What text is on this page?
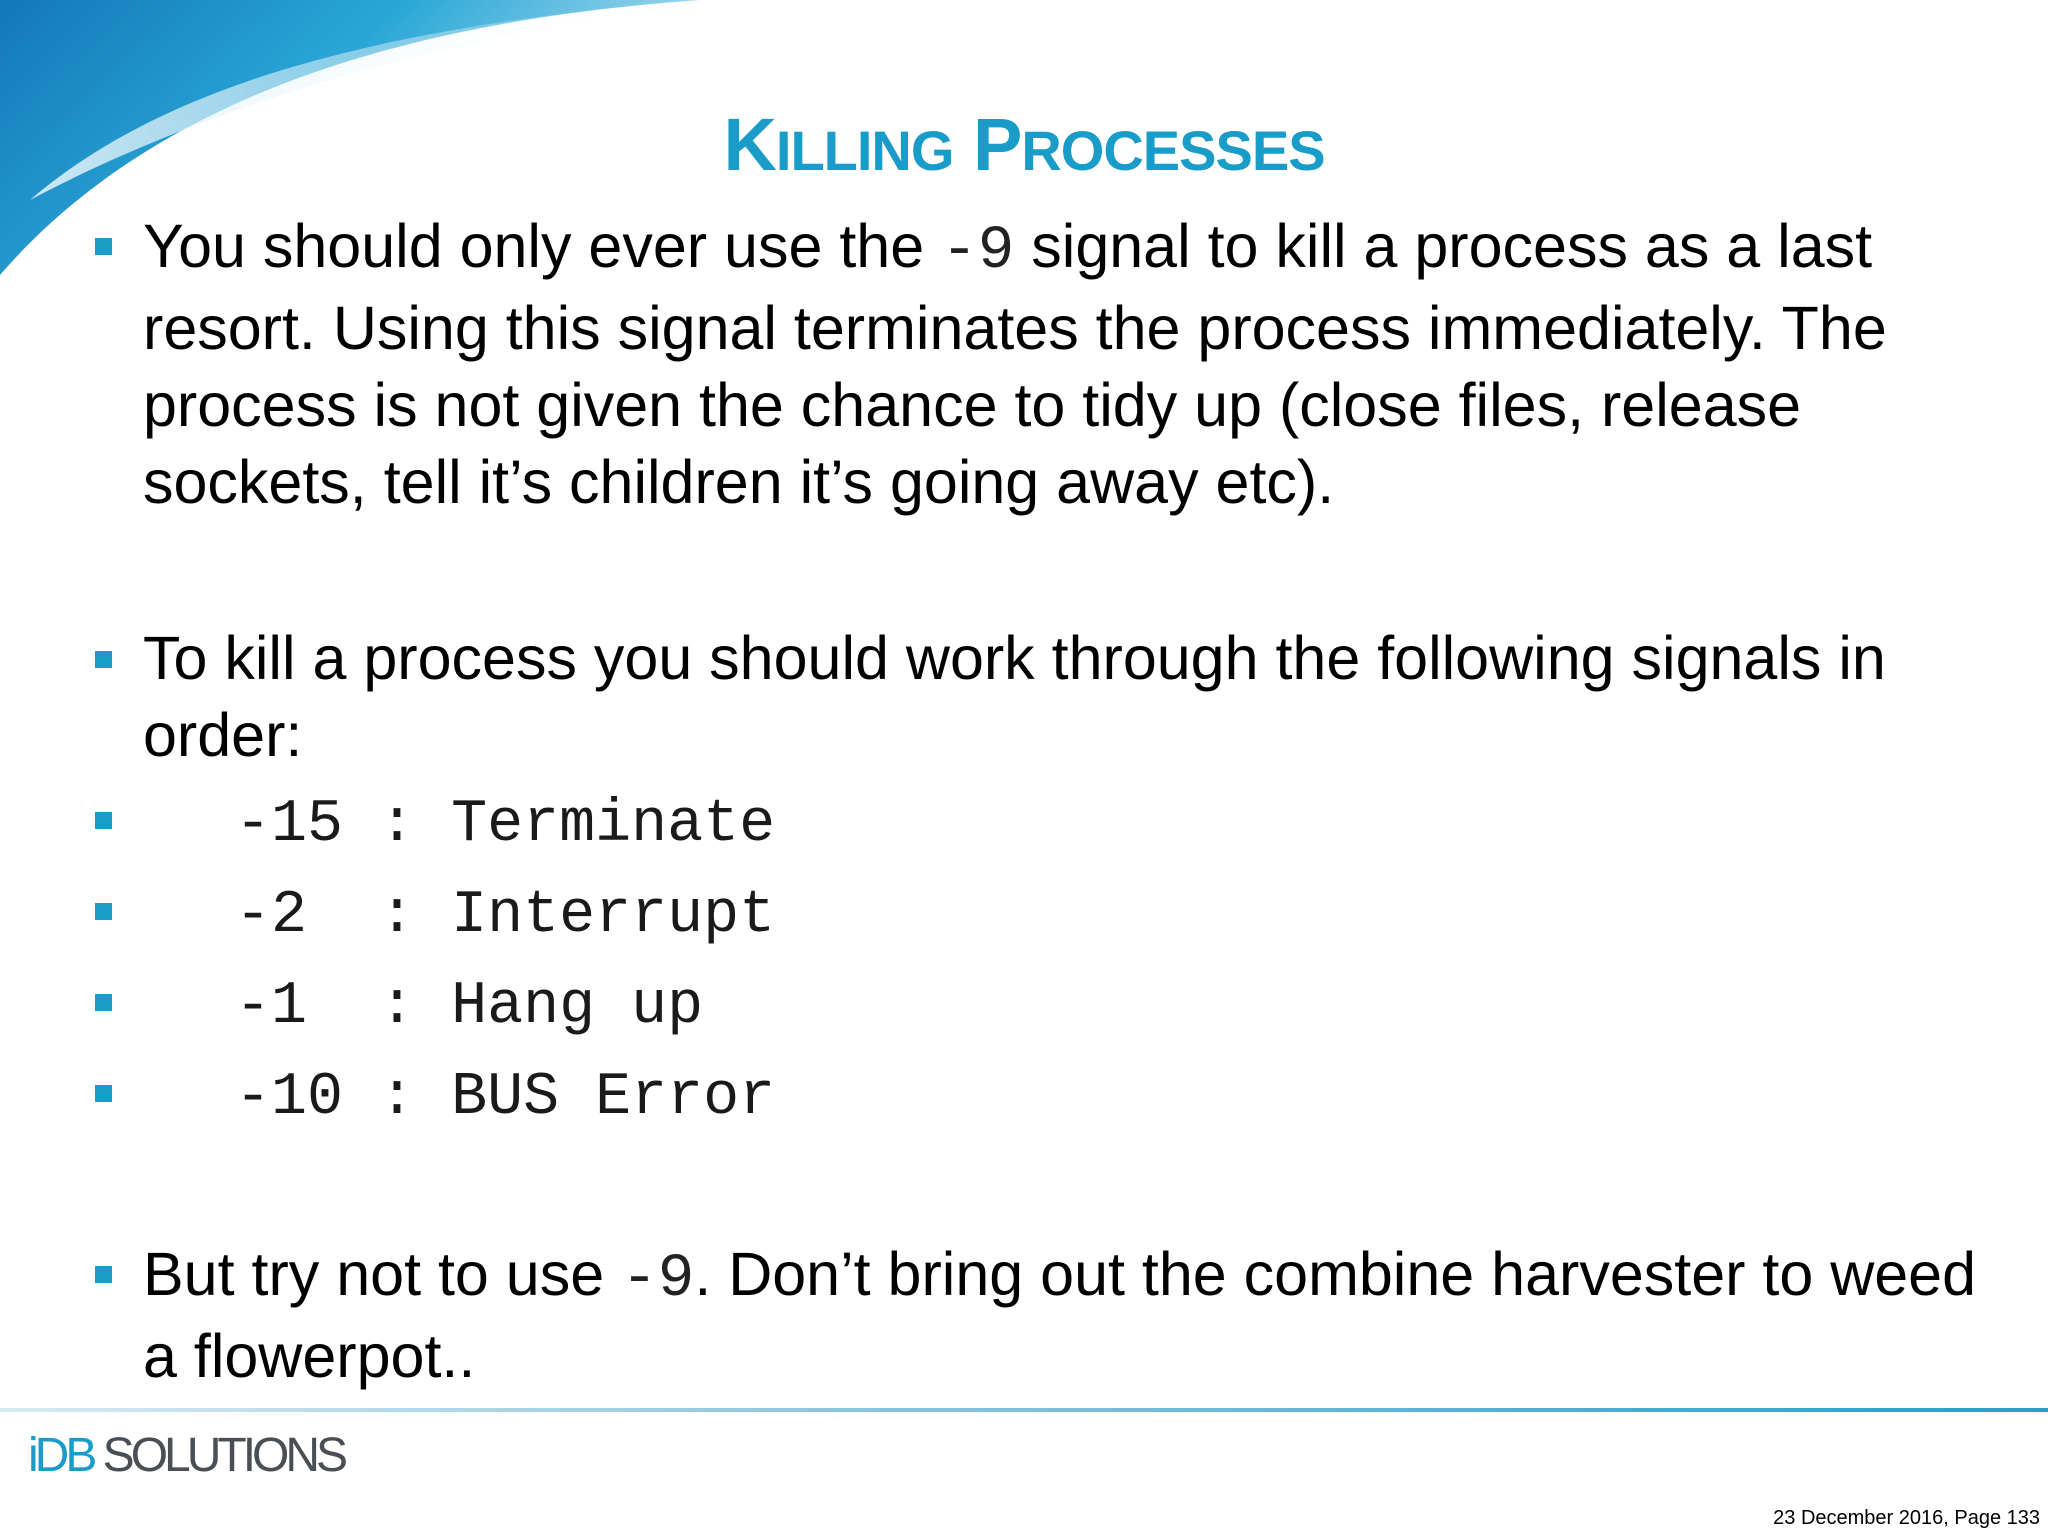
KILLING PROCESSES
You should only ever use the -9 signal to kill a process as a last resort. Using this signal terminates the process immediately. The process is not given the chance to tidy up (close files, release sockets, tell it’s children it’s going away etc).
To kill a process you should work through the following signals in order:
-15 : Terminate
-2  : Interrupt
-1  : Hang up
-10 : BUS Error
But try not to use -9. Don’t bring out the combine harvester to weed a flowerpot..
iDB SOLUTIONS
23 December 2016, Page 133
